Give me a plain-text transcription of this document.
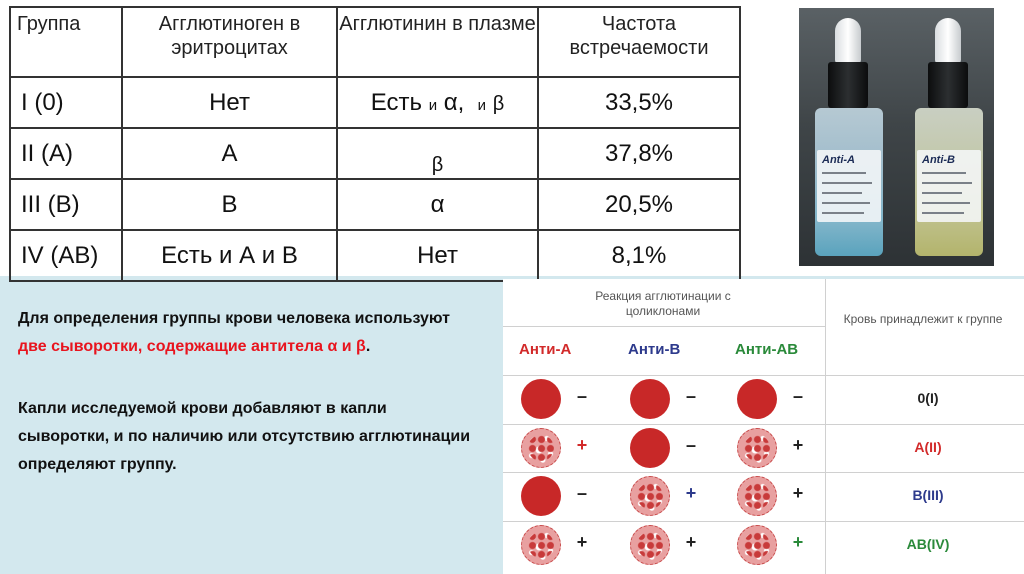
Группа	Агглютиноген в эритроцитах	Агглютинин в плазме	Частота встречаемости
I (0)	Нет	Есть и α, и β	33,5%
II (A)	A	$_\beta$	37,8%
III (B)	B	α	20,5%
IV (AB)	Есть и А и В	Нет	8,1%
Anti-A	Anti-B

Для определения группы крови человека используют две сыворотки, содержащие антитела α и β.

Капли исследуемой крови добавляют в капли сыворотки, и по наличию или отсутствию агглютинации определяют группу.

Реакция агглютинации с цоликлонами
Кровь принадлежит к группе
Анти-А	Анти-В	Анти-АВ
–	–	–	0(I)
+	–	+	A(II)
–	+	+	B(III)
+	+	+	AB(IV)
